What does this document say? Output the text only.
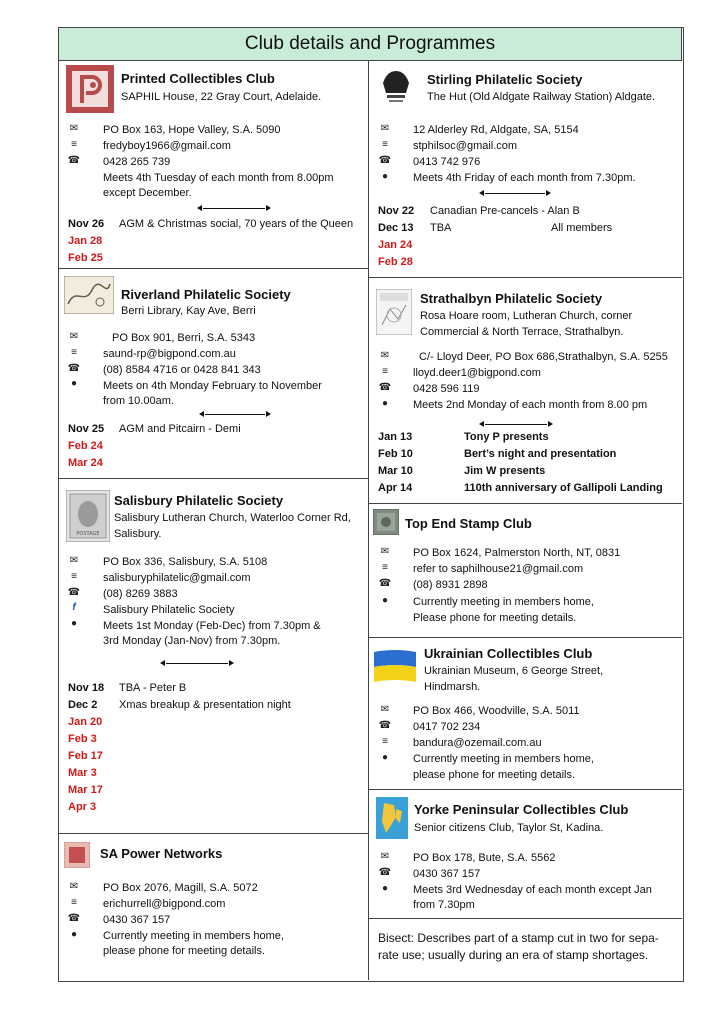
Club details and Programmes
Printed Collectibles Club
SAPHIL House, 22 Gray Court, Adelaide.
✉ PO Box 163, Hope Valley, S.A. 5090
≡	fredyboy1966@gmail.com
☎ 0428 265 739
Meets 4th Tuesday of each month from 8.00pm
except December.
Nov 26 AGM & Christmas social, 70 years of the Queen
Jan 28
Feb 25
Riverland Philatelic Society
Berri Library, Kay Ave, Berri
✉	PO Box 901, Berri, S.A. 5343
≡	saund-rp@bigpond.com.au
☎ (08) 8584 4716 or 0428 841 343
●	Meets on 4th Monday February to November
from 10.00am.
Nov 25 AGM and Pitcairn - Demi
Feb 24
Mar 24
POSTAGE
Salisbury Philatelic Society
Salisbury Lutheran Church, Waterloo Corner Rd,
Salisbury.
✉ PO Box 336, Salisbury, S.A. 5108
≡	salisburyphilatelic@gmail.com
☎ (08) 8269 3883
f	Salisbury Philatelic Society
●	Meets 1st Monday (Feb-Dec) from 7.30pm &
3rd Monday (Jan-Nov) from 7.30pm.
Nov 18 TBA - Peter B
Dec 2 Xmas breakup & presentation night
Jan 20
Feb 3
Feb 17
Mar 3
Mar 17
Apr 3
SA Power Networks
✉ PO Box 2076, Magill, S.A. 5072
≡	erichurrell@bigpond.com
☎ 0430 367 157
●	Currently meeting in members home,
please phone for meeting details.
Stirling Philatelic Society
The Hut (Old Aldgate Railway Station) Aldgate.
✉ 12 Alderley Rd, Aldgate, SA, 5154
≡	stphilsoc@gmail.com
☎ 0413 742 976
●	Meets 4th Friday of each month from 7.30pm.
Nov 22 Canadian Pre-cancels - Alan B
Dec 13 TBA	All members
Jan 24
Feb 28
Strathalbyn Philatelic Society
Rosa Hoare room, Lutheran Church, corner
Commercial & North Terrace, Strathalbyn.
✉	C/- Lloyd Deer, PO Box 686,Strathalbyn, S.A. 5255
≡	lloyd.deer1@bigpond.com
☎ 0428 596 119
●	Meets 2nd Monday of each month from 8.00 pm
Jan 13	Tony P presents
Feb 10	Bert’s night and presentation
Mar 10	Jim W presents
Apr 14	110th anniversary of Gallipoli Landing
Top End Stamp Club
✉ PO Box 1624, Palmerston North, NT, 0831
≡	refer to saphilhouse21@gmail.com
☎ (08) 8931 2898
●	Currently meeting in members home,
Please phone for meeting details.
Ukrainian Collectibles Club
Ukrainian Museum, 6 George Street,
Hindmarsh.
✉ PO Box 466, Woodville, S.A. 5011
☎ 0417 702 234
≡	bandura@ozemail.com.au
●	Currently meeting in members home,
please phone for meeting details.
Yorke Peninsular Collectibles Club
Senior citizens Club, Taylor St, Kadina.
✉ PO Box 178, Bute, S.A. 5562
☎ 0430 367 157
●	Meets 3rd Wednesday of each month except Jan
from 7.30pm
Bisect: Describes part of a stamp cut in two for sepa-
rate use; usually during an era of stamp shortages.
